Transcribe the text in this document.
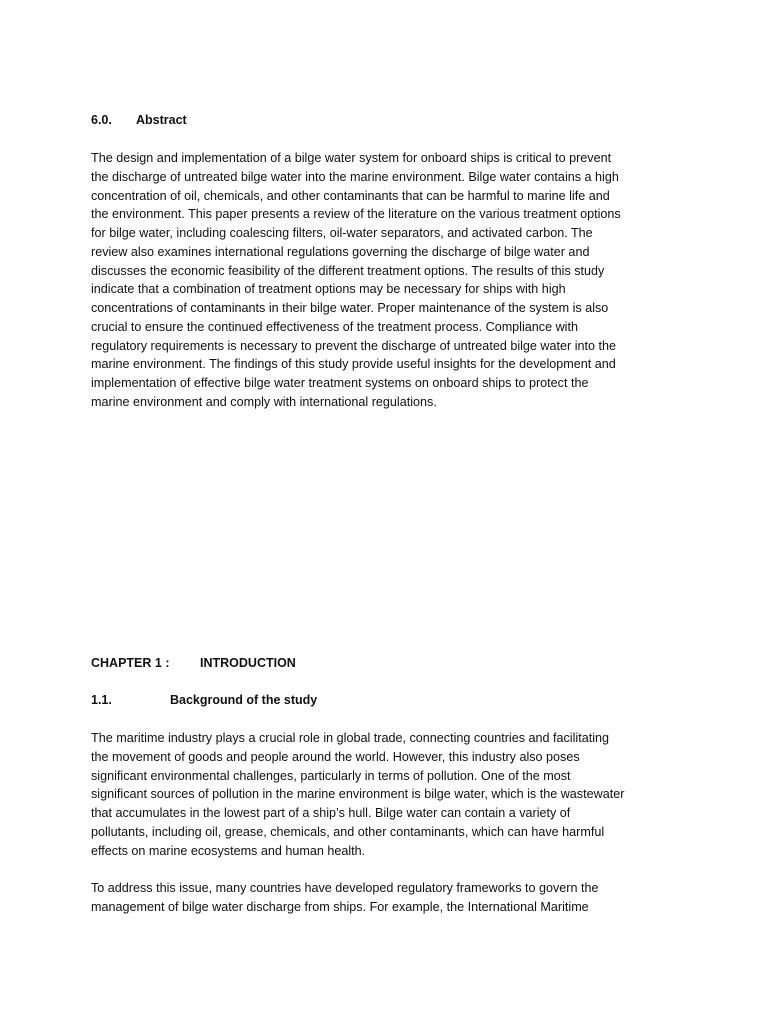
6.0. Abstract
The design and implementation of a bilge water system for onboard ships is critical to prevent
the discharge of untreated bilge water into the marine environment. Bilge water contains a high
concentration of oil, chemicals, and other contaminants that can be harmful to marine life and
the environment. This paper presents a review of the literature on the various treatment options
for bilge water, including coalescing filters, oil-water separators, and activated carbon. The
review also examines international regulations governing the discharge of bilge water and
discusses the economic feasibility of the different treatment options. The results of this study
indicate that a combination of treatment options may be necessary for ships with high
concentrations of contaminants in their bilge water. Proper maintenance of the system is also
crucial to ensure the continued effectiveness of the treatment process. Compliance with
regulatory requirements is necessary to prevent the discharge of untreated bilge water into the
marine environment. The findings of this study provide useful insights for the development and
implementation of effective bilge water treatment systems on onboard ships to protect the
marine environment and comply with international regulations.
CHAPTER 1 : INTRODUCTION
1.1.	Background of the study
The maritime industry plays a crucial role in global trade, connecting countries and facilitating
the movement of goods and people around the world. However, this industry also poses
significant environmental challenges, particularly in terms of pollution. One of the most
significant sources of pollution in the marine environment is bilge water, which is the wastewater
that accumulates in the lowest part of a ship’s hull. Bilge water can contain a variety of
pollutants, including oil, grease, chemicals, and other contaminants, which can have harmful
effects on marine ecosystems and human health.
To address this issue, many countries have developed regulatory frameworks to govern the
management of bilge water discharge from ships. For example, the International Maritime
